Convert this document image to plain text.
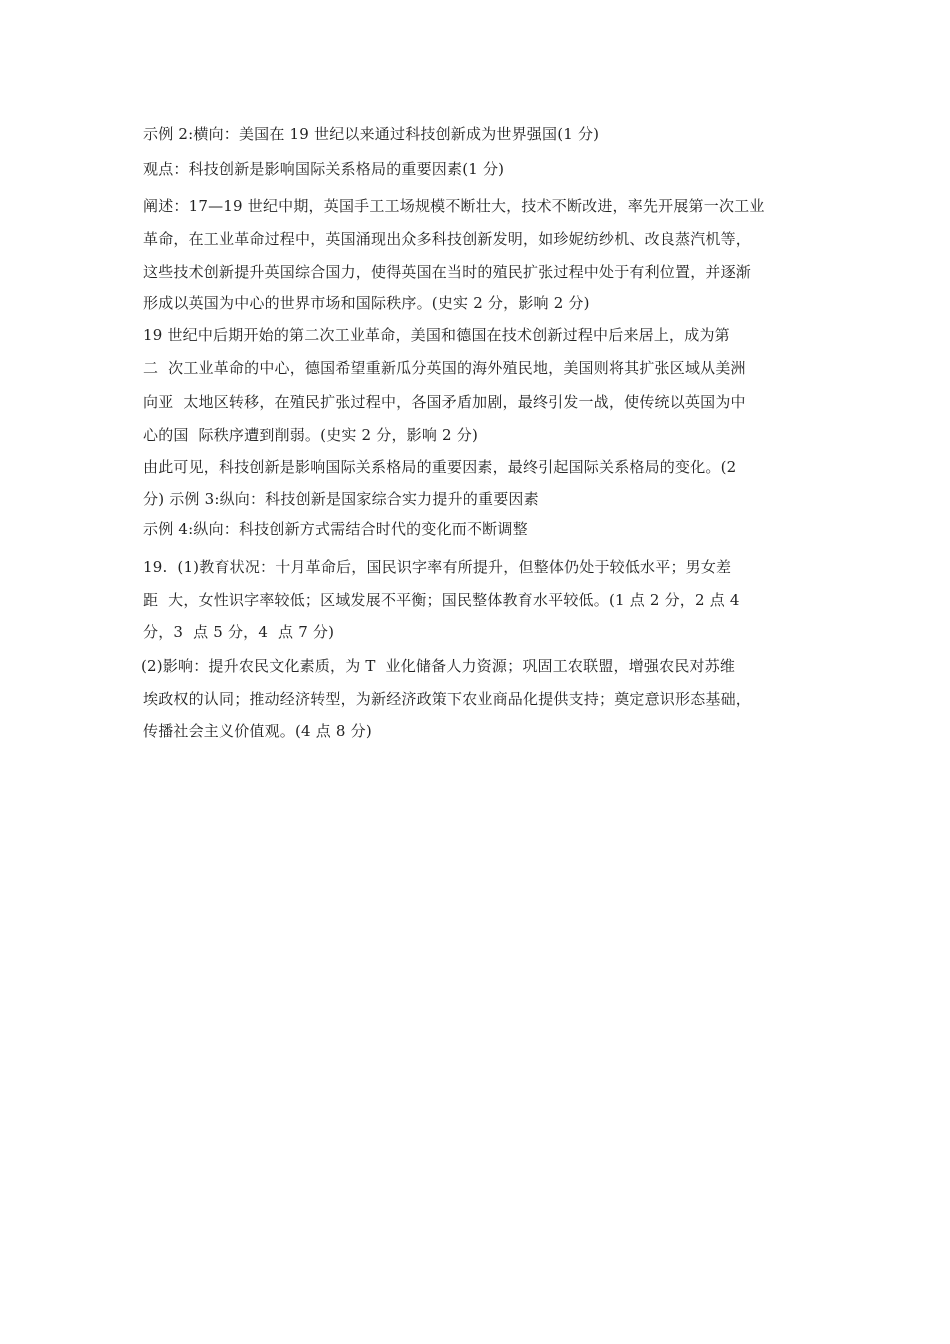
示例 2:横向：美国在 19 世纪以来通过科技创新成为世界强国(1 分)
观点：科技创新是影响国际关系格局的重要因素(1 分)
阐述：17—19 世纪中期，英国手工工场规模不断壮大，技术不断改进，率先开展第一次工业
革命，在工业革命过程中，英国涌现出众多科技创新发明，如珍妮纺纱机、改良蒸汽机等，
这些技术创新提升英国综合国力，使得英国在当时的殖民扩张过程中处于有利位置，并逐渐
形成以英国为中心的世界市场和国际秩序。(史实 2 分，影响 2 分)
19 世纪中后期开始的第二次工业革命，美国和德国在技术创新过程中后来居上，成为第
二  次工业革命的中心，德国希望重新瓜分英国的海外殖民地，美国则将其扩张区域从美洲
向亚  太地区转移，在殖民扩张过程中，各国矛盾加剧，最终引发一战，使传统以英国为中
心的国  际秩序遭到削弱。(史实 2 分，影响 2 分)
由此可见，科技创新是影响国际关系格局的重要因素，最终引起国际关系格局的变化。(2
分) 示例 3:纵向：科技创新是国家综合实力提升的重要因素
示例 4:纵向：科技创新方式需结合时代的变化而不断调整
19.  (1)教育状况：十月革命后，国民识字率有所提升，但整体仍处于较低水平；男女差
距  大，女性识字率较低；区域发展不平衡；国民整体教育水平较低。(1 点 2 分，2 点 4
分，3  点 5 分，4  点 7 分)
(2)影响：提升农民文化素质，为 T  业化储备人力资源；巩固工农联盟，增强农民对苏维
埃政权的认同；推动经济转型，为新经济政策下农业商品化提供支持；奠定意识形态基础，
传播社会主义价值观。(4 点 8 分)
